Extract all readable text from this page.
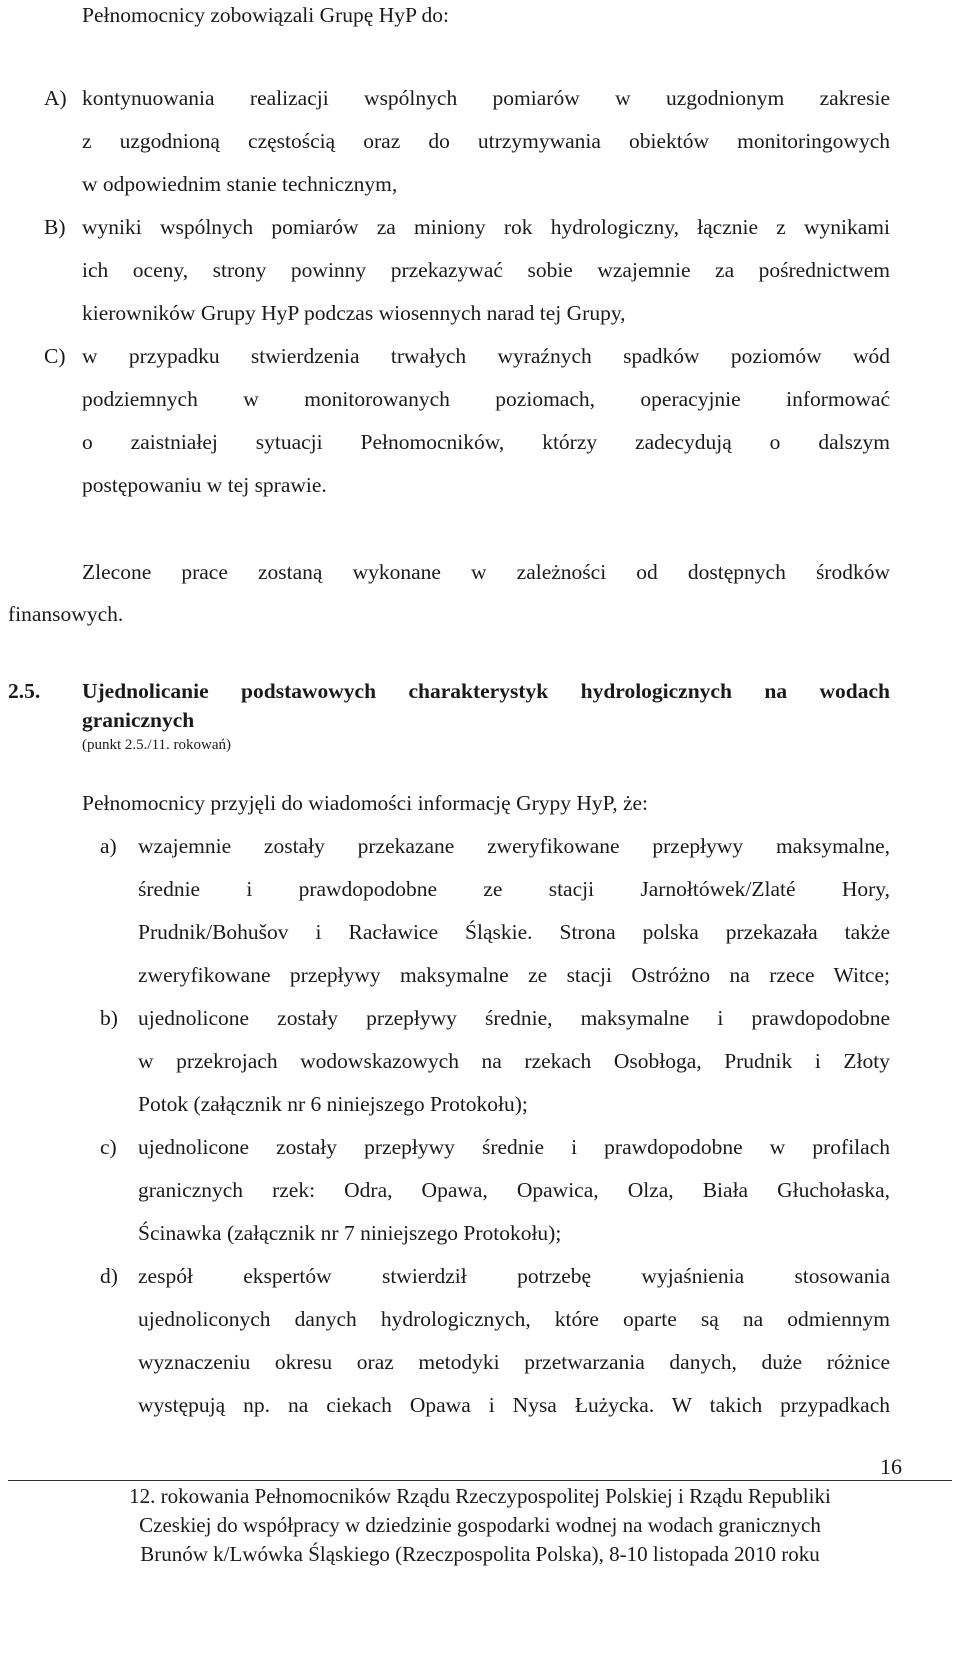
Pełnomocnicy zobowiązali Grupę HyP do:
A) kontynuowania realizacji wspólnych pomiarów w uzgodnionym zakresie
z uzgodnioną częstością oraz do utrzymywania obiektów monitoringowych
w odpowiednim stanie technicznym,
B) wyniki wspólnych pomiarów za miniony rok hydrologiczny, łącznie z wynikami
ich oceny, strony powinny przekazywać sobie wzajemnie za pośrednictwem
kierowników Grupy HyP podczas wiosennych narad tej Grupy,
C) w przypadku stwierdzenia trwałych wyraźnych spadków poziomów wód
podziemnych w monitorowanych poziomach, operacyjnie informować
o zaistniałej sytuacji Pełnomocników, którzy zadecydują o dalszym
postępowaniu w tej sprawie.
Zlecone prace zostaną wykonane w zależności od dostępnych środków
finansowych.
2.5. Ujednolicanie podstawowych charakterystyk hydrologicznych na wodach
granicznych
(punkt 2.5./11. rokowań)
Pełnomocnicy przyjęli do wiadomości informację Grypy HyP, że:
a) wzajemnie zostały przekazane zweryfikowane przepływy maksymalne,
średnie i prawdopodobne ze stacji Jarnołtówek/Zlaté Hory,
Prudnik/Bohušov i Racławice Śląskie. Strona polska przekazała także
zweryfikowane przepływy maksymalne ze stacji Ostróżno na rzece Witce;
b) ujednolicone zostały przepływy średnie, maksymalne i prawdopodobne
w przekrojach wodowskazowych na rzekach Osobłoga, Prudnik i Złoty
Potok (załącznik nr 6 niniejszego Protokołu);
c) ujednolicone zostały przepływy średnie i prawdopodobne w profilach
granicznych rzek: Odra, Opawa, Opawica, Olza, Biała Głuchołaska,
Ścinawka (załącznik nr 7 niniejszego Protokołu);
d) zespół ekspertów stwierdził potrzebę wyjaśnienia stosowania
ujednoliconych danych hydrologicznych, które oparte są na odmiennym
wyznaczeniu okresu oraz metodyki przetwarzania danych, duże różnice
występują np. na ciekach Opawa i Nysa Łużycka. W takich przypadkach
16
12. rokowania Pełnomocników Rządu Rzeczypospolitej Polskiej i Rządu Republiki
Czeskiej do współpracy w dziedzinie gospodarki wodnej na wodach granicznych
Brunów k/Lwówka Śląskiego (Rzeczpospolita Polska), 8-10 listopada 2010 roku
